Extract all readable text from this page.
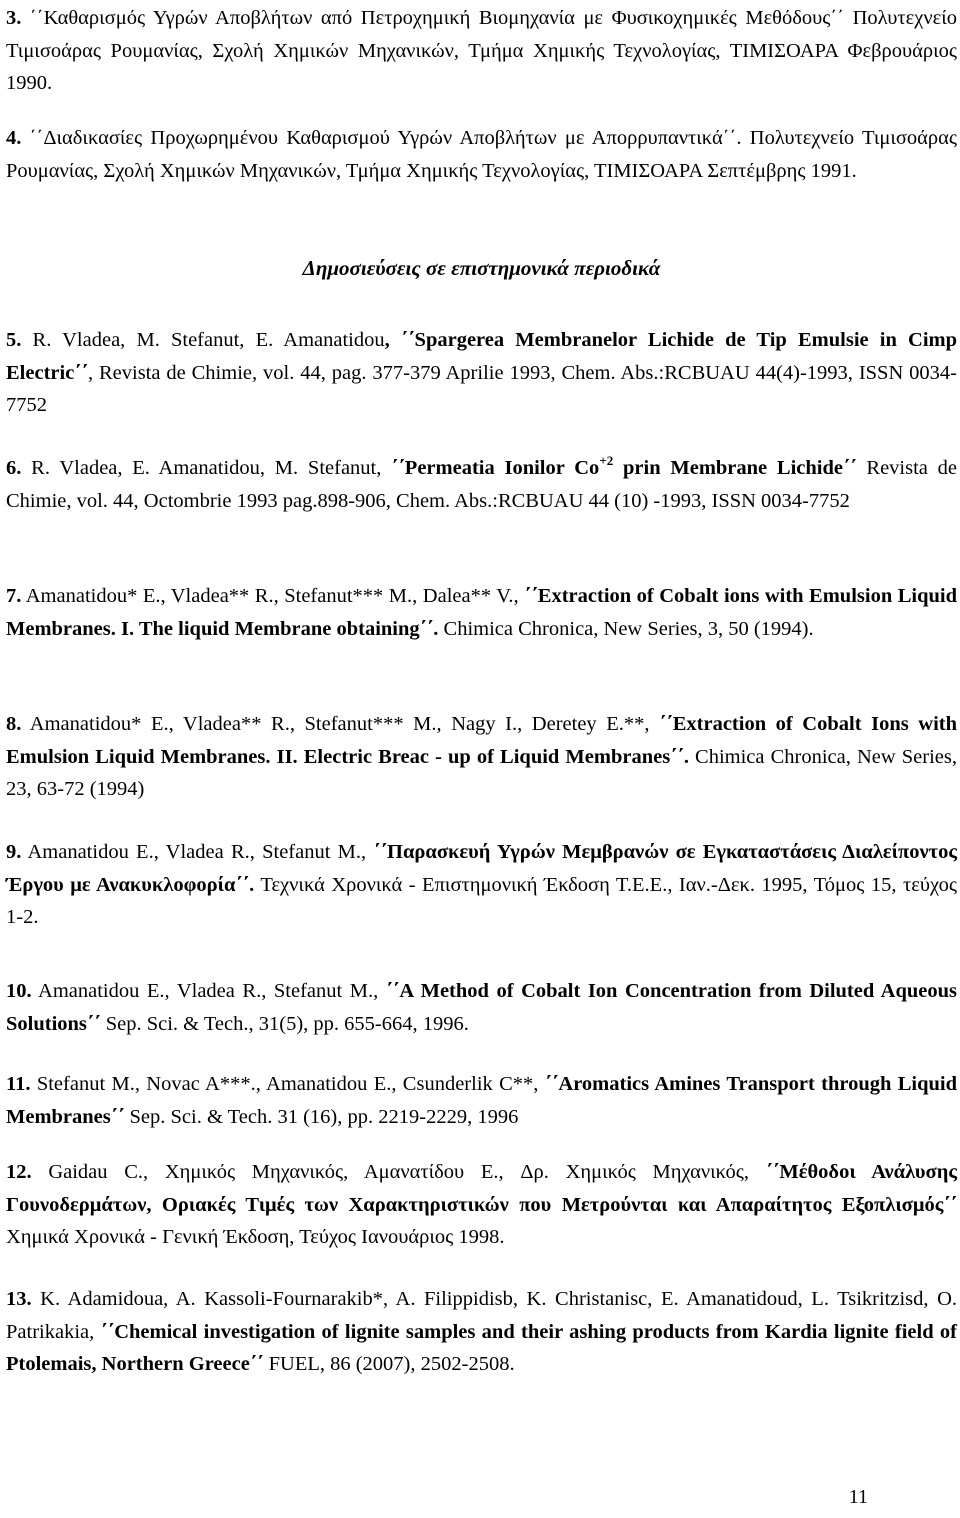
3. ΄΄Καθαρισμός Υγρών Αποβλήτων από Πετροχημική Βιομηχανία με Φυσικοχημικές Μεθόδους΄΄ Πολυτεχνείο Τιμισοάρας Ρουμανίας, Σχολή Χημικών Μηχανικών, Τμήμα Χημικής Τεχνολογίας, ΤΙΜΙΣΟΑΡΑ Φεβρουάριος 1990.
4. ΄΄Διαδικασίες Προχωρημένου Καθαρισμού Υγρών Αποβλήτων με Απορρυπαντικά΄΄. Πολυτεχνείο Τιμισοάρας Ρουμανίας, Σχολή Χημικών Μηχανικών, Τμήμα Χημικής Τεχνολογίας, ΤΙΜΙΣΟΑΡΑ Σεπτέμβρης 1991.
Δημοσιεύσεις σε επιστημονικά περιοδικά
5. R. Vladea, M. Stefanut, E. Amanatidou, ΄΄Spargerea Membranelor Lichide de Tip Emulsie in Cimp Electric΄΄, Revista de Chimie, vol. 44, pag. 377-379 Aprilie 1993, Chem. Abs.:RCBUAU 44(4)-1993, ISSN 0034-7752
6. R. Vladea, E. Amanatidou, M. Stefanut, ΄΄Permeatia Ionilor $Co^{+2}$ prin Membrane Lichide΄΄ Revista de Chimie, vol. 44, Octombrie 1993 pag.898-906, Chem. Abs.:RCBUAU 44 (10) -1993, ISSN 0034-7752
7. Amanatidou* E., Vladea** R., Stefanut*** M., Dalea** V., ΄΄Extraction of Cobalt ions with Emulsion Liquid Membranes. I. The liquid Membrane obtaining΄΄. Chimica Chronica, New Series, 3, 50 (1994).
8. Amanatidou* E., Vladea** R., Stefanut*** M., Nagy I., Deretey E.**, ΄΄Extraction of Cobalt Ions with Emulsion Liquid Membranes. II. Electric Breac - up of Liquid Membranes΄΄. Chimica Chronica, New Series, 23, 63-72 (1994)
9. Amanatidou E., Vladea R., Stefanut M., ΄΄Παρασκευή Υγρών Μεμβρανών σε Εγκαταστάσεις Διαλείποντος Έργου με Ανακυκλοφορία΄΄. Τεχνικά Χρονικά - Επιστημονική Έκδοση Τ.Ε.Ε., Ιαν.-Δεκ. 1995, Τόμος 15, τεύχος 1-2.
10. Amanatidou E., Vladea R., Stefanut M., ΄΄A Method of Cobalt Ion Concentration from Diluted Aqueous Solutions΄΄ Sep. Sci. & Tech., 31(5), pp. 655-664, 1996.
11. Stefanut M., Novac A***., Amanatidou E., Csunderlik C**, ΄΄Aromatics Amines Transport through Liquid Membranes΄΄ Sep. Sci. & Tech. 31 (16), pp. 2219-2229, 1996
12. Gaidau C., Χημικός Μηχανικός, Αμανατίδου E., Δρ. Χημικός Μηχανικός, ΄΄Μέθοδοι Ανάλυσης Γουνοδερμάτων, Οριακές Τιμές των Χαρακτηριστικών που Μετρούνται και Απαραίτητος Εξοπλισμός΄΄ Χημικά Χρονικά - Γενική Έκδοση, Τεύχος Ιανουάριος 1998.
13. K. Adamidoua, A. Kassoli-Fournarakib*, A. Filippidisb, K. Christanisc, E. Amanatidoud, L. Tsikritzisd, O. Patrikakia, ΄΄Chemical investigation of lignite samples and their ashing products from Kardia lignite field of Ptolemais, Northern Greece΄΄ FUEL, 86 (2007), 2502-2508.
11
